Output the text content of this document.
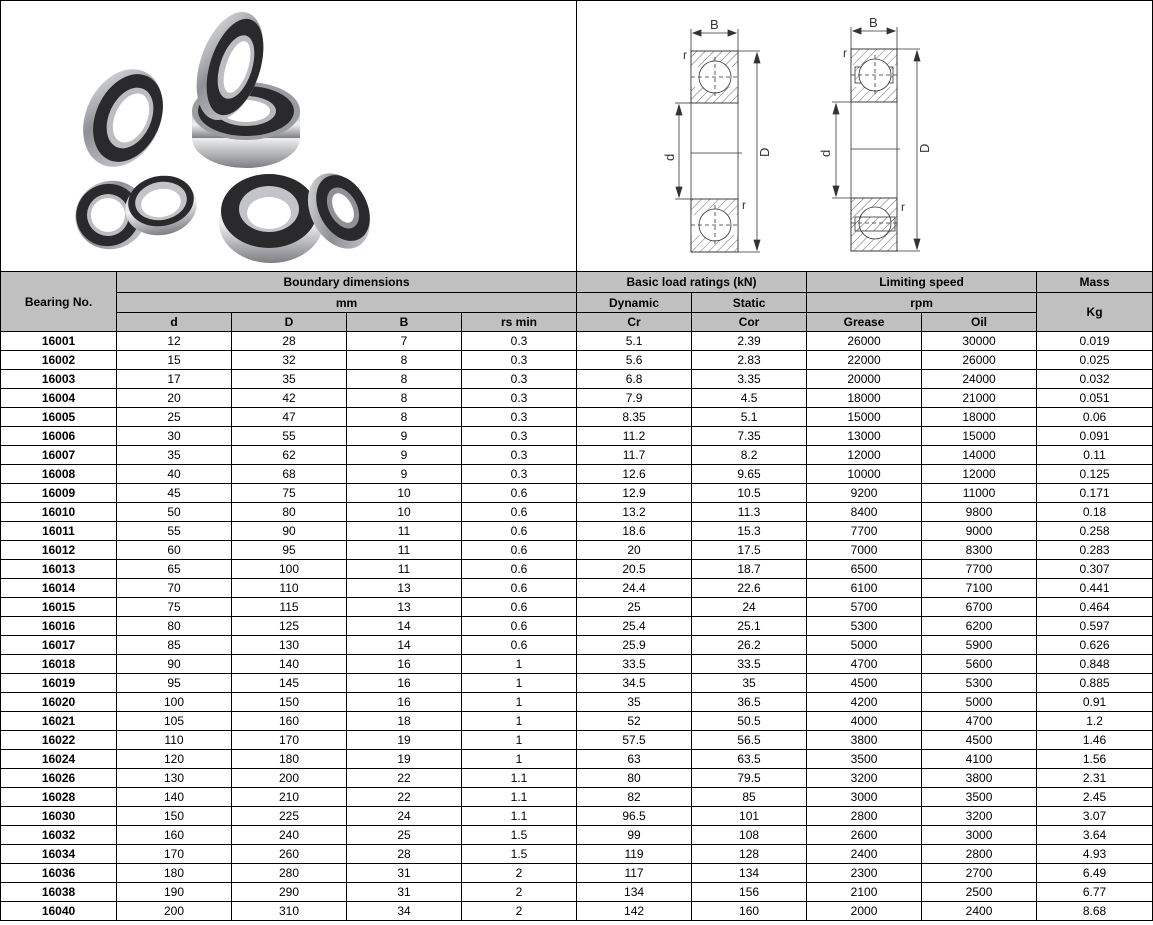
B
D
d
r
r
B
D
d
r
r
Bearing No.	Boundary dimensions				Basic load ratings (kN)		Limiting speed		Mass
	mm				Dynamic	Static	rpm		Kg
	d	D	B	rs min	Cr	Cor	Grease	Oil	
16001	12	28	7	0.3	5.1	2.39	26000	30000	0.019
16002	15	32	8	0.3	5.6	2.83	22000	26000	0.025
16003	17	35	8	0.3	6.8	3.35	20000	24000	0.032
16004	20	42	8	0.3	7.9	4.5	18000	21000	0.051
16005	25	47	8	0.3	8.35	5.1	15000	18000	0.06
16006	30	55	9	0.3	11.2	7.35	13000	15000	0.091
16007	35	62	9	0.3	11.7	8.2	12000	14000	0.11
16008	40	68	9	0.3	12.6	9.65	10000	12000	0.125
16009	45	75	10	0.6	12.9	10.5	9200	11000	0.171
16010	50	80	10	0.6	13.2	11.3	8400	9800	0.18
16011	55	90	11	0.6	18.6	15.3	7700	9000	0.258
16012	60	95	11	0.6	20	17.5	7000	8300	0.283
16013	65	100	11	0.6	20.5	18.7	6500	7700	0.307
16014	70	110	13	0.6	24.4	22.6	6100	7100	0.441
16015	75	115	13	0.6	25	24	5700	6700	0.464
16016	80	125	14	0.6	25.4	25.1	5300	6200	0.597
16017	85	130	14	0.6	25.9	26.2	5000	5900	0.626
16018	90	140	16	1	33.5	33.5	4700	5600	0.848
16019	95	145	16	1	34.5	35	4500	5300	0.885
16020	100	150	16	1	35	36.5	4200	5000	0.91
16021	105	160	18	1	52	50.5	4000	4700	1.2
16022	110	170	19	1	57.5	56.5	3800	4500	1.46
16024	120	180	19	1	63	63.5	3500	4100	1.56
16026	130	200	22	1.1	80	79.5	3200	3800	2.31
16028	140	210	22	1.1	82	85	3000	3500	2.45
16030	150	225	24	1.1	96.5	101	2800	3200	3.07
16032	160	240	25	1.5	99	108	2600	3000	3.64
16034	170	260	28	1.5	119	128	2400	2800	4.93
16036	180	280	31	2	117	134	2300	2700	6.49
16038	190	290	31	2	134	156	2100	2500	6.77
16040	200	310	34	2	142	160	2000	2400	8.68
